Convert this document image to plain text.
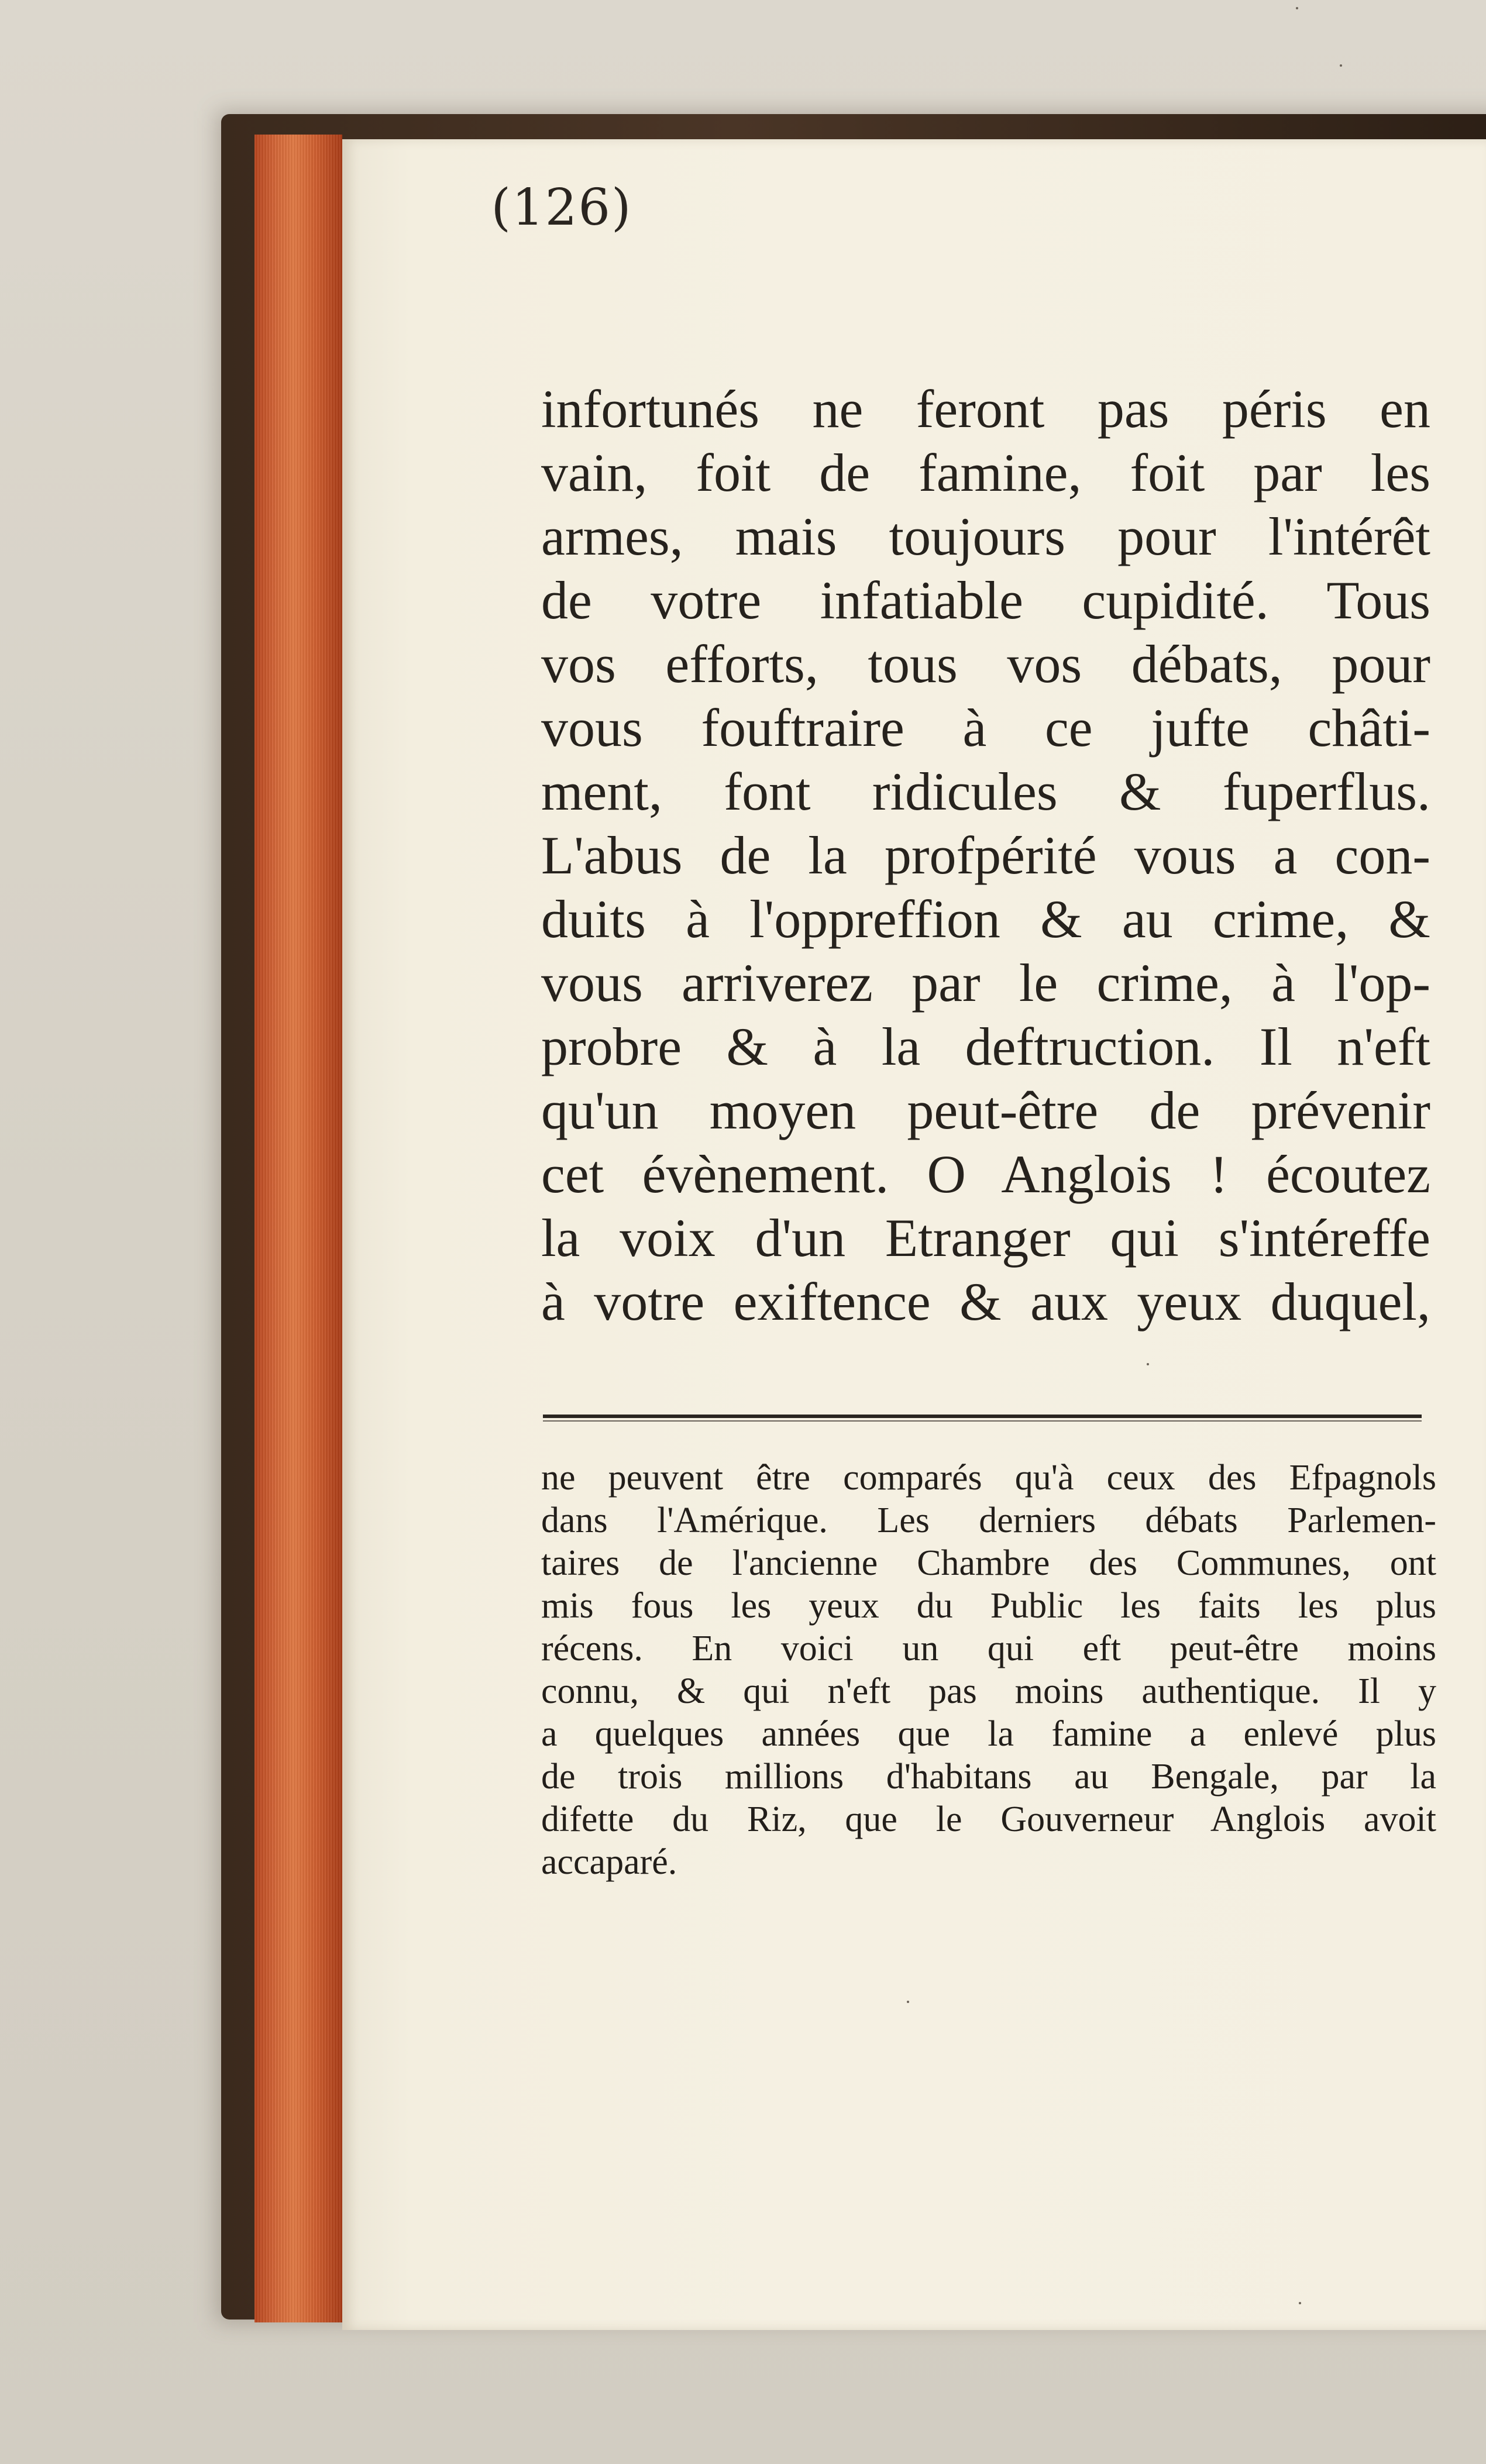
(126)
infortunés ne feront pas péris en
vain, foit de famine, foit par les
armes, mais toujours pour l'intérêt
de votre infatiable cupidité. Tous
vos efforts, tous vos débats, pour
vous fouftraire à ce jufte châti-
ment, font ridicules & fuperflus.
L'abus de la profpérité vous a con-
duits à l'oppreffion & au crime, &
vous arriverez par le crime, à l'op-
probre & à la deftruction. Il n'eft
qu'un moyen peut-être de prévenir
cet évènement. O Anglois ! écoutez
la voix d'un Etranger qui s'intéreffe
à votre exiftence & aux yeux duquel,
ne peuvent être comparés qu'à ceux des Efpagnols
dans l'Amérique. Les derniers débats Parlemen-
taires de l'ancienne Chambre des Communes, ont
mis fous les yeux du Public les faits les plus
récens. En voici un qui eft peut-être moins
connu, & qui n'eft pas moins authentique. Il y
a quelques années que la famine a enlevé plus
de trois millions d'habitans au Bengale, par la
difette du Riz, que le Gouverneur Anglois avoit
accaparé.
